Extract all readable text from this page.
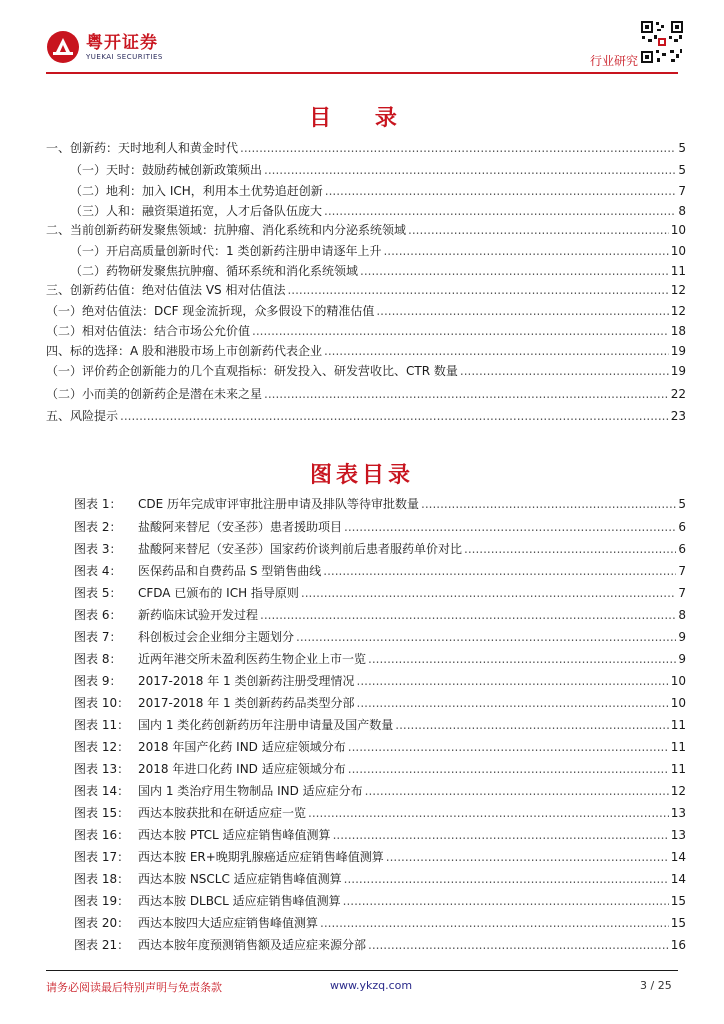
粤开证券
YUEKAI SECURITIES	行业研究
目 录
一、创新药：天时地利人和黄金时代 .....	5
（一）天时：鼓励药械创新政策频出 .....	5
（二）地利：加入 ICH，利用本土优势追赶创新 .....	7
（三）人和：融资渠道拓宽，人才后备队伍庞大 .....	8
二、当前创新药研发聚焦领域：抗肿瘤、消化系统和内分泌系统领域 .....	10
（一）开启高质量创新时代：1 类创新药注册申请逐年上升 .....	10
（二）药物研发聚焦抗肿瘤、循环系统和消化系统领域 .....	11
三、创新药估值：绝对估值法 VS 相对估值法 .....	12
（一）绝对估值法：DCF 现金流折现，众多假设下的精准估值 .....	12
（二）相对估值法：结合市场公允价值 .....	18
四、标的选择：A 股和港股市场上市创新药代表企业 .....	19
（一）评价药企创新能力的几个直观指标：研发投入、研发营收比、CTR 数量 .....	19
（二）小而美的创新药企是潜在未来之星 .....	22
五、风险提示 .....	23
图表目录
图表 1：	CDE 历年完成审评审批注册申请及排队等待审批数量 .....	5
图表 2：	盐酸阿来替尼（安圣莎）患者援助项目 .....	6
图表 3：	盐酸阿来替尼（安圣莎）国家药价谈判前后患者服药单价对比 .....	6
图表 4：	医保药品和自费药品 S 型销售曲线 .....	7
图表 5：	CFDA 已颁布的 ICH 指导原则 .....	7
图表 6：	新药临床试验开发过程 .....	8
图表 7：	科创板过会企业细分主题划分 .....	9
图表 8：	近两年港交所未盈利医药生物企业上市一览 .....	9
图表 9：	2017-2018 年 1 类创新药注册受理情况 .....	10
图表 10： 2017-2018 年 1 类创新药药品类型分部 .....	10
图表 11： 国内 1 类化药创新药历年注册申请量及国产数量 .....	11
图表 12： 2018 年国产化药 IND 适应症领域分布 .....	11
图表 13： 2018 年进口化药 IND 适应症领域分布 .....	11
图表 14： 国内 1 类治疗用生物制品 IND 适应症分布 .....	12
图表 15： 西达本胺获批和在研适应症一览 .....	13
图表 16： 西达本胺 PTCL 适应症销售峰值测算 .....	13
图表 17： 西达本胺 ER+晚期乳腺癌适应症销售峰值测算 .....	14
图表 18： 西达本胺 NSCLC 适应症销售峰值测算 .....	14
图表 19： 西达本胺 DLBCL 适应症销售峰值测算 .....	15
图表 20： 西达本胺四大适应症销售峰值测算 .....	15
图表 21： 西达本胺年度预测销售额及适应症来源分部 .....	16
请务必阅读最后特别声明与免责条款	www.ykzq.com	3 / 25
